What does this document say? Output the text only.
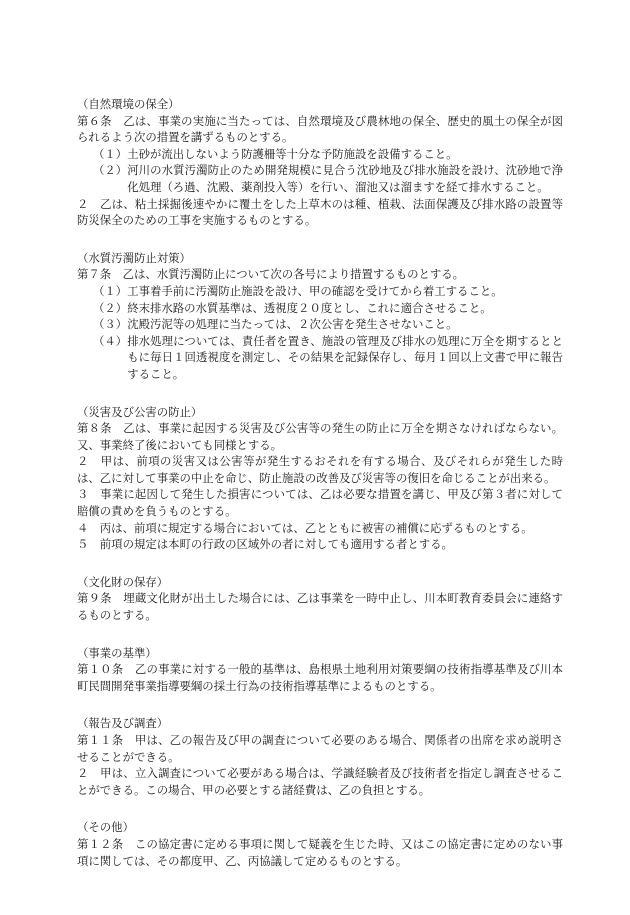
（自然環境の保全）

第６条　乙は、事業の実施に当たっては、自然環境及び農林地の保全、歴史的風土の保全が図られるよう次の措置を講ずるものとする。

（１） 土砂が流出しないよう防護柵等十分な予防施設を設備すること。
（２） 河川の水質汚濁防止のため開発規模に見合う沈砂地及び排水施設を設け、沈砂地で浄化処理（ろ過、沈殿、薬剤投入等）を行い、溜池又は溜ますを経て排水すること。

２　乙は、粘土採掘後速やかに覆土をした上草木のは種、植栽、法面保護及び排水路の設置等防災保全のための工事を実施するものとする。

（水質汚濁防止対策）

第７条　乙は、水質汚濁防止について次の各号により措置するものとする。

（１） 工事着手前に汚濁防止施設を設け、甲の確認を受けてから着工すること。
（２） 終末排水路の水質基準は、透視度２０度とし、これに適合させること。
（３） 沈殿汚泥等の処理に当たっては、２次公害を発生させないこと。
（４） 排水処理については、責任者を置き、施設の管理及び排水の処理に万全を期するとともに毎日１回透視度を測定し、その結果を記録保存し、毎月１回以上文書で甲に報告すること。

（災害及び公害の防止）

第８条　乙は、事業に起因する災害及び公害等の発生の防止に万全を期さなければならない。又、事業終了後においても同様とする。

２　甲は、前項の災害又は公害等が発生するおそれを有する場合、及びそれらが発生した時は、乙に対して事業の中止を命じ、防止施設の改善及び災害等の復旧を命じることが出来る。

３　事業に起因して発生した損害については、乙は必要な措置を講じ、甲及び第３者に対して賠償の責めを負うものとする。

４　丙は、前項に規定する場合においては、乙とともに被害の補償に応ずるものとする。

５　前項の規定は本町の行政の区域外の者に対しても適用する者とする。

（文化財の保存）

第９条　埋蔵文化財が出土した場合には、乙は事業を一時中止し、川本町教育委員会に連絡するものとする。

（事業の基準）

第１０条　乙の事業に対する一般的基準は、島根県土地利用対策要綱の技術指導基準及び川本町民間開発事業指導要綱の採土行為の技術指導基準によるものとする。

（報告及び調査）

第１１条　甲は、乙の報告及び甲の調査について必要のある場合、関係者の出席を求め説明させることができる。

２　甲は、立入調査について必要がある場合は、学識経験者及び技術者を指定し調査させることができる。この場合、甲の必要とする諸経費は、乙の負担とする。

（その他）

第１２条　この協定書に定める事項に関して疑義を生じた時、又はこの協定書に定めのない事項に関しては、その都度甲、乙、丙協議して定めるものとする。
